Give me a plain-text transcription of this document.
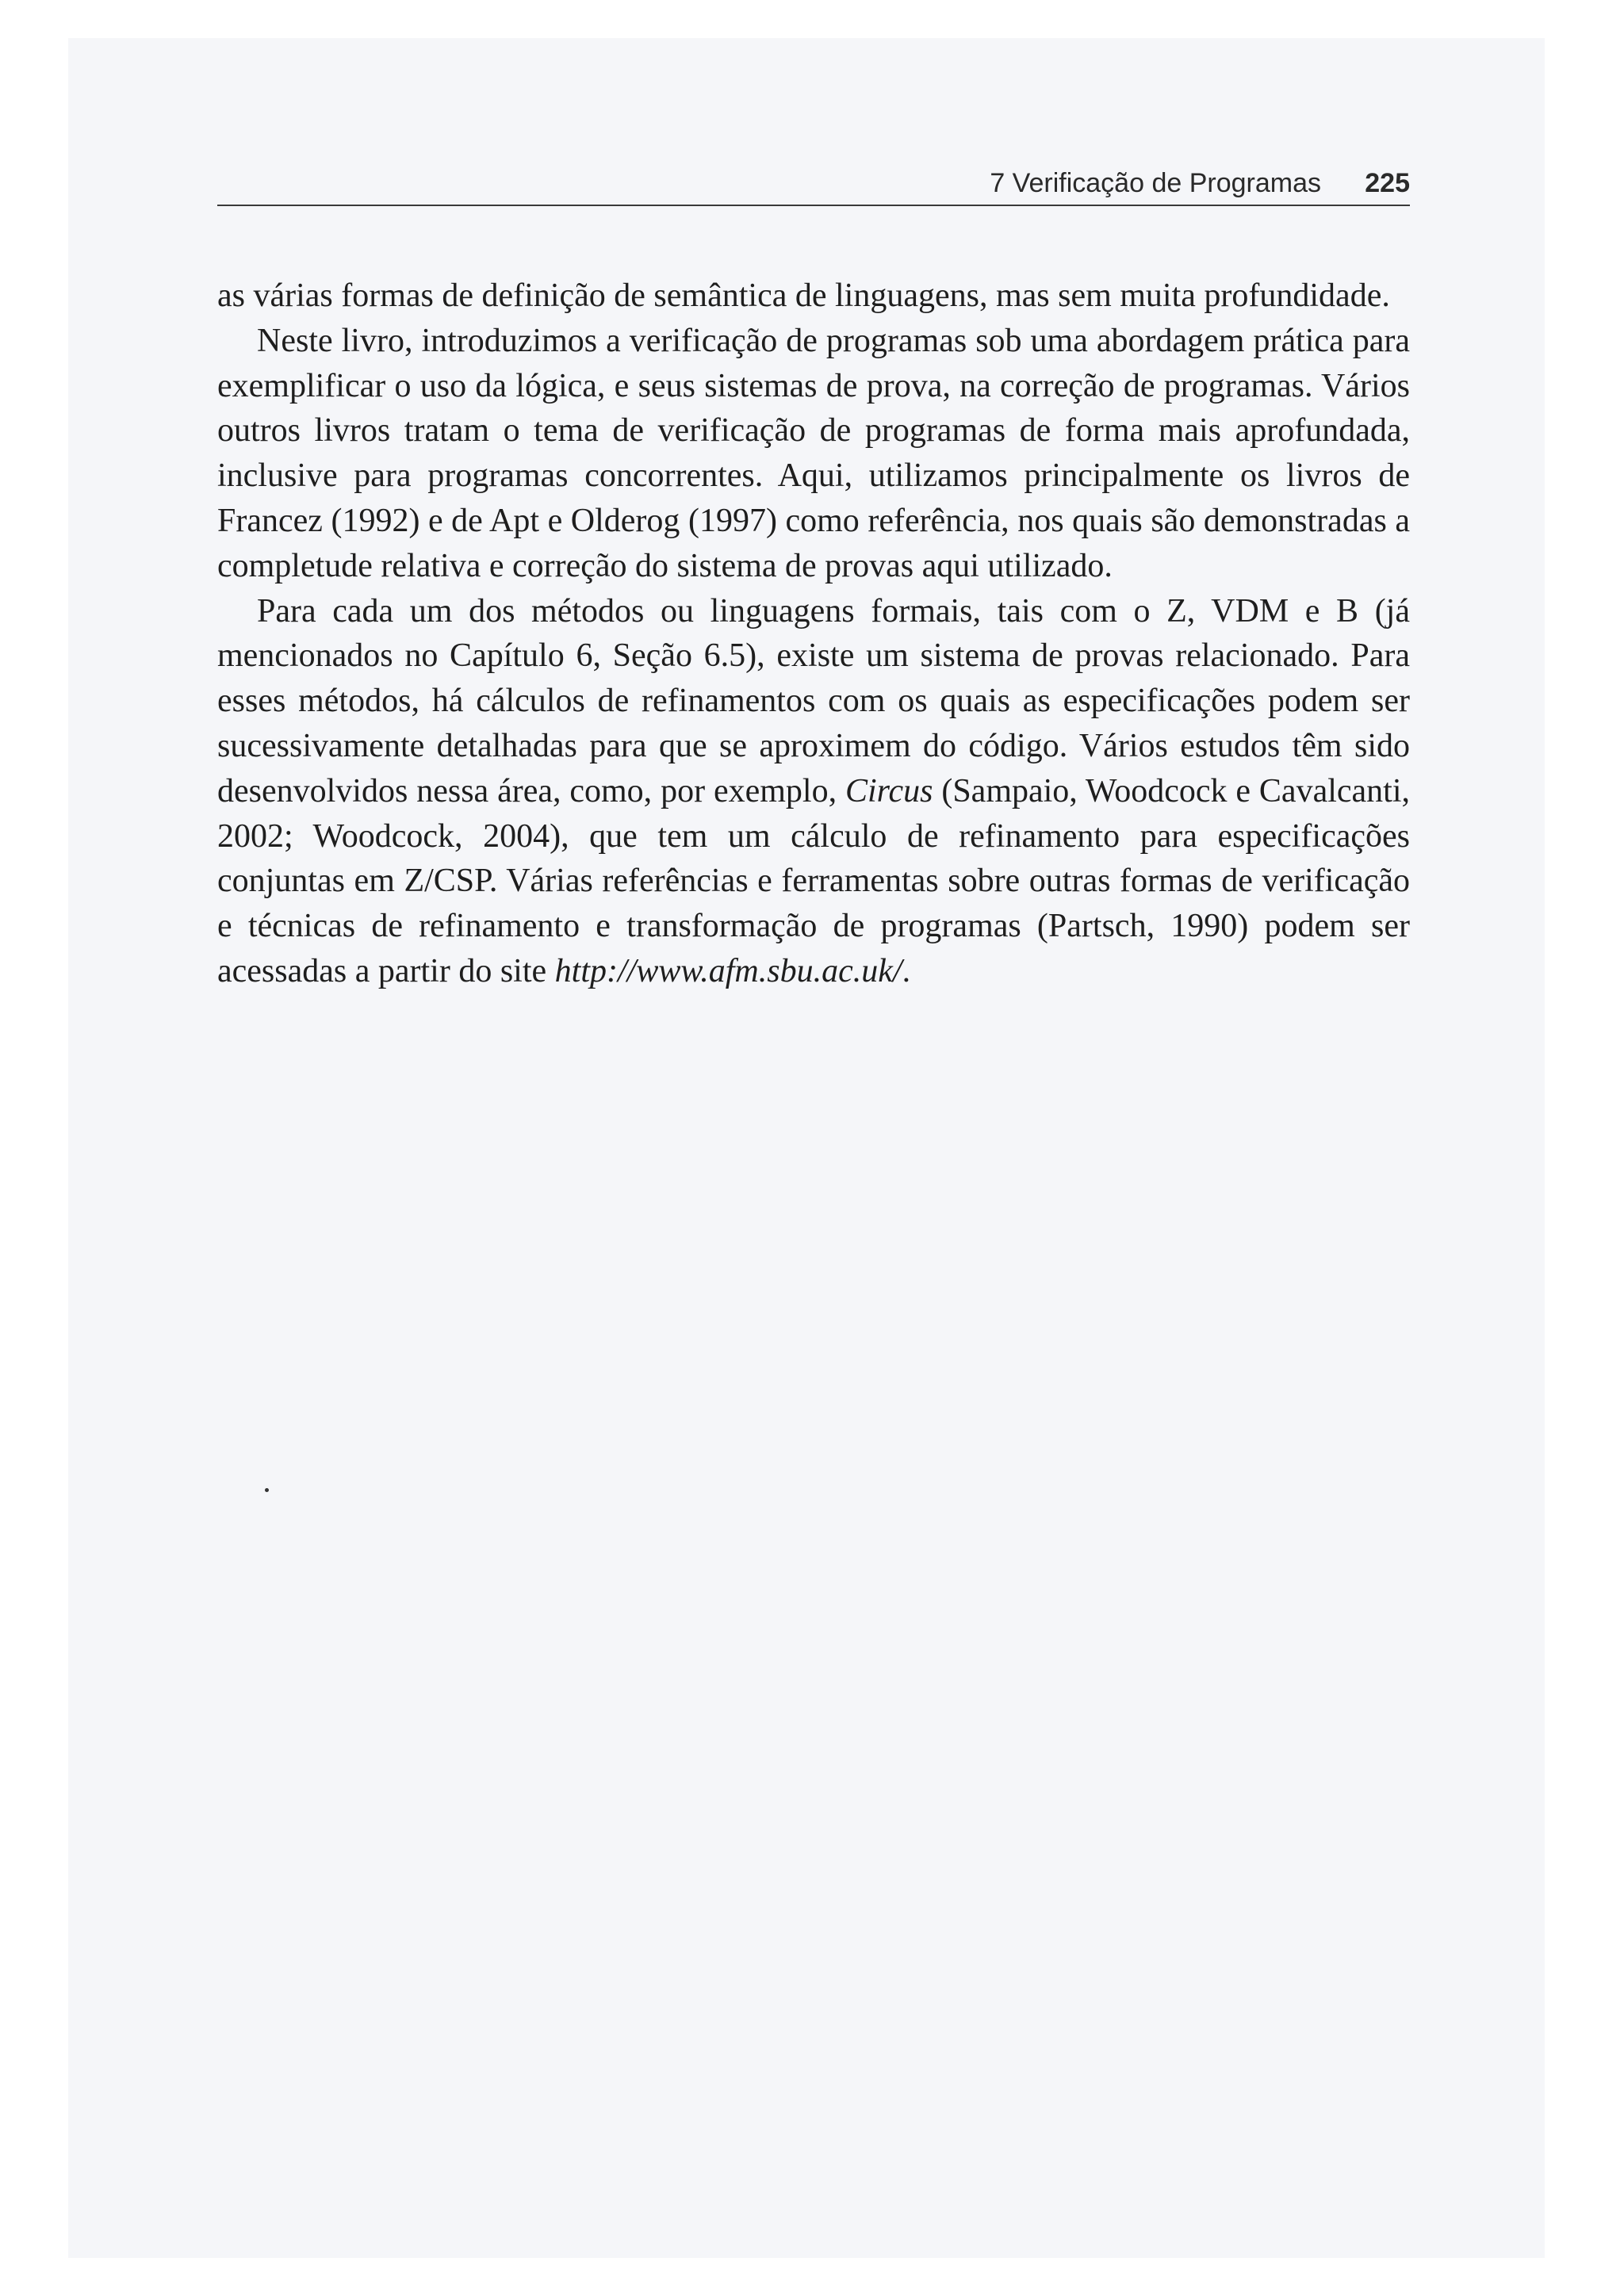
7 Verificação de Programas 225

as várias formas de definição de semântica de linguagens, mas sem muita profundidade.

Neste livro, introduzimos a verificação de programas sob uma abordagem prática para exemplificar o uso da lógica, e seus sistemas de prova, na correção de programas. Vários outros livros tratam o tema de verificação de programas de forma mais aprofundada, inclusive para programas concorrentes. Aqui, utilizamos principalmente os livros de Francez (1992) e de Apt e Olderog (1997) como referência, nos quais são demonstradas a completude relativa e correção do sistema de provas aqui utilizado.

Para cada um dos métodos ou linguagens formais, tais com o Z, VDM e B (já mencionados no Capítulo 6, Seção 6.5), existe um sistema de provas relacionado. Para esses métodos, há cálculos de refinamentos com os quais as especificações podem ser sucessivamente detalhadas para que se aproximem do código. Vários estudos têm sido desenvolvidos nessa área, como, por exemplo, Circus (Sampaio, Woodcock e Cavalcanti, 2002; Woodcock, 2004), que tem um cálculo de refinamento para especificações conjuntas em Z/CSP. Várias referências e ferramentas sobre outras formas de verificação e técnicas de refinamento e transformação de programas (Partsch, 1990) podem ser acessadas a partir do site http://www.afm.sbu.ac.uk/.
